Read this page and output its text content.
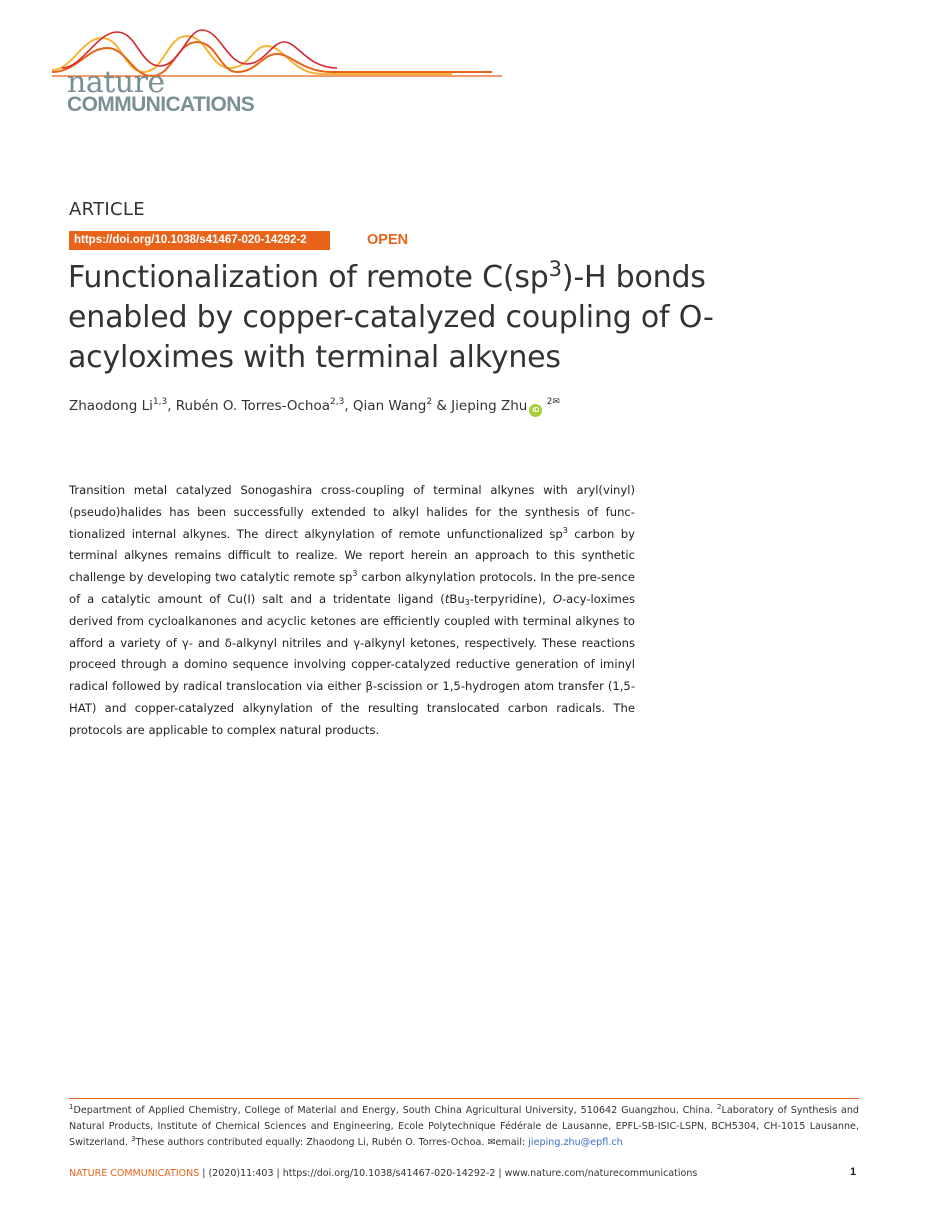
nature
COMMUNICATIONS
ARTICLE
https://doi.org/10.1038/s41467-020-14292-2	OPEN
Functionalization of remote $C(sp^3)-H$ bonds enabled by copper-catalyzed coupling of O-acyloximes with terminal alkynes
Zhaodong Li$^{1,3}$, Rubén O. Torres-Ochoa$^{2,3}$, Qian Wang$^2$ & Jieping Zhu iD $^{2✉}$

Transition metal catalyzed Sonogashira cross-coupling of terminal alkynes with aryl(vinyl) (pseudo)halides has been successfully extended to alkyl halides for the synthesis of func-tionalized internal alkynes. The direct alkynylation of remote unfunctionalized $sp^3$ carbon by terminal alkynes remains difficult to realize. We report herein an approach to this synthetic challenge by developing two catalytic remote $sp^3$ carbon alkynylation protocols. In the pre-sence of a catalytic amount of Cu(I) salt and a tridentate ligand (tBu$_3$-terpyridine), O-acy-loximes derived from cycloalkanones and acyclic ketones are efficiently coupled with terminal alkynes to afford a variety of γ- and δ-alkynyl nitriles and γ-alkynyl ketones, respectively. These reactions proceed through a domino sequence involving copper-catalyzed reductive generation of iminyl radical followed by radical translocation via either β-scission or 1,5-hydrogen atom transfer (1,5-HAT) and copper-catalyzed alkynylation of the resulting translocated carbon radicals. The protocols are applicable to complex natural products.

$^1$Department of Applied Chemistry, College of Material and Energy, South China Agricultural University, 510642 Guangzhou, China. $^2$Laboratory of Synthesis and Natural Products, Institute of Chemical Sciences and Engineering, Ecole Polytechnique Fédérale de Lausanne, EPFL-SB-ISIC-LSPN, BCH5304, CH-1015 Lausanne, Switzerland. $^3$These authors contributed equally: Zhaodong Li, Rubén O. Torres-Ochoa. ✉email: jieping.zhu@epfl.ch
NATURE COMMUNICATIONS | (2020)11:403 | https://doi.org/10.1038/s41467-020-14292-2 | www.nature.com/naturecommunications	1
